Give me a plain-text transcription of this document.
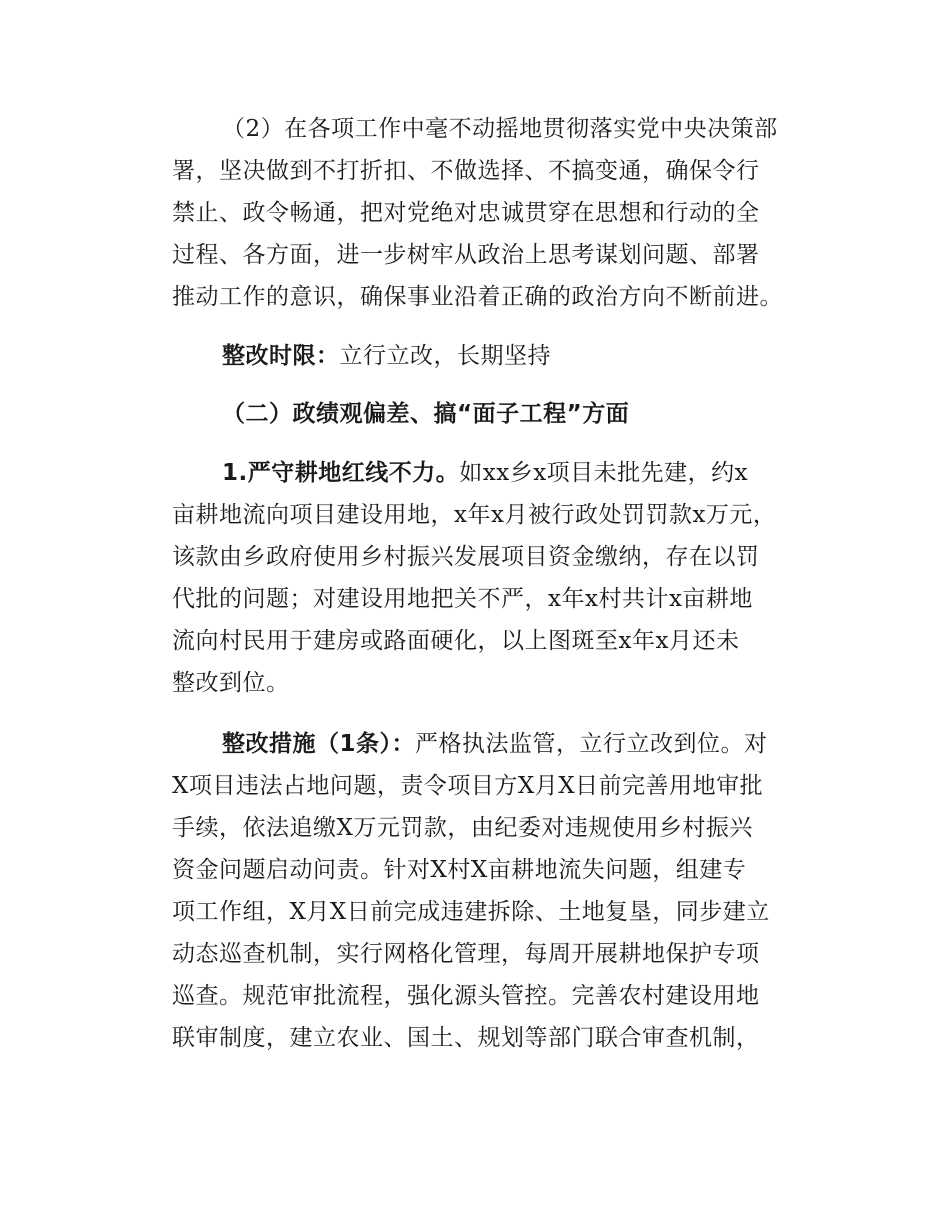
（2）在各项工作中毫不动摇地贯彻落实党中央决策部
署，坚决做到不打折扣、不做选择、不搞变通，确保令行
禁止、政令畅通，把对党绝对忠诚贯穿在思想和行动的全
过程、各方面，进一步树牢从政治上思考谋划问题、部署
推动工作的意识，确保事业沿着正确的政治方向不断前进。
整改时限：立行立改，长期坚持
（二）政绩观偏差、搞“面子工程”方面
1.严守耕地红线不力。如xx乡x项目未批先建，约x
亩耕地流向项目建设用地，x年x月被行政处罚罚款x万元，
该款由乡政府使用乡村振兴发展项目资金缴纳，存在以罚
代批的问题；对建设用地把关不严，x年x村共计x亩耕地
流向村民用于建房或路面硬化，以上图斑至x年x月还未
整改到位。
整改措施（1条）：严格执法监管，立行立改到位。对
X项目违法占地问题，责令项目方X月X日前完善用地审批
手续，依法追缴X万元罚款，由纪委对违规使用乡村振兴
资金问题启动问责。针对X村X亩耕地流失问题，组建专
项工作组，X月X日前完成违建拆除、土地复垦，同步建立
动态巡查机制，实行网格化管理，每周开展耕地保护专项
巡查。规范审批流程，强化源头管控。完善农村建设用地
联审制度，建立农业、国土、规划等部门联合审查机制，
